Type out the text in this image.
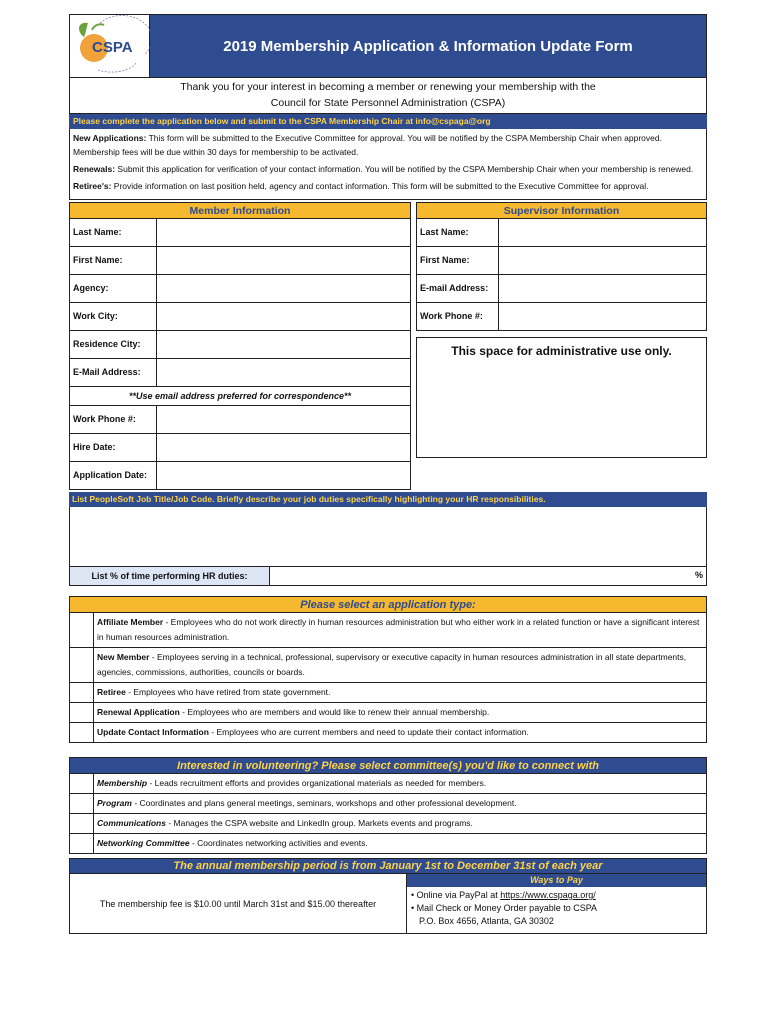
CSPA	2019 Membership Application & Information Update Form
Thank you for your interest in becoming a member or renewing your membership with the
Council for State Personnel Administration (CSPA)
Please complete the application below and submit to the CSPA Membership Chair at info@cspaga@org

New Applications: This form will be submitted to the Executive Committee for approval. You will be notified by the CSPA Membership Chair when approved. Membership fees will be due within 30 days for membership to be activated.

Renewals: Submit this application for verification of your contact information. You will be notified by the CSPA Membership Chair when your membership is renewed.

Retiree's: Provide information on last position held, agency and contact information. This form will be submitted to the Executive Committee for approval.

Member Information
Last Name:
First Name:
Agency:
Work City:
Residence City:
E-Mail Address:
**Use email address preferred for correspondence**
Work Phone #:
Hire Date:
Application Date:
Supervisor Information
Last Name:
First Name:
E-mail Address:
Work Phone #:
This space for administrative use only.
List PeopleSoft Job Title/Job Code. Briefly describe your job duties specifically highlighting your HR responsibilities.
List % of time performing HR duties:	%
Please select an application type:
Affiliate Member - Employees who do not work directly in human resources administration but who either work in a related function or have a significant interest in human resources administration.
New Member - Employees serving in a technical, professional, supervisory or executive capacity in human resources administration in all state departments, agencies, commissions, authorities, councils or boards.
Retiree - Employees who have retired from state government.
Renewal Application - Employees who are members and would like to renew their annual membership.
Update Contact Information - Employees who are current members and need to update their contact information.
Interested in volunteering? Please select committee(s) you'd like to connect with
Membership - Leads recruitment efforts and provides organizational materials as needed for members.
Program - Coordinates and plans general meetings, seminars, workshops and other professional development.
Communications - Manages the CSPA website and LinkedIn group. Markets events and programs.
Networking Committee - Coordinates networking activities and events.
The annual membership period is from January 1st to December 31st of each year
The membership fee is $10.00 until March 31st and $15.00 thereafter
Ways to Pay
• Online via PayPal at https://www.cspaga.org/
• Mail Check or Money Order payable to CSPA
P.O. Box 4656, Atlanta, GA 30302
